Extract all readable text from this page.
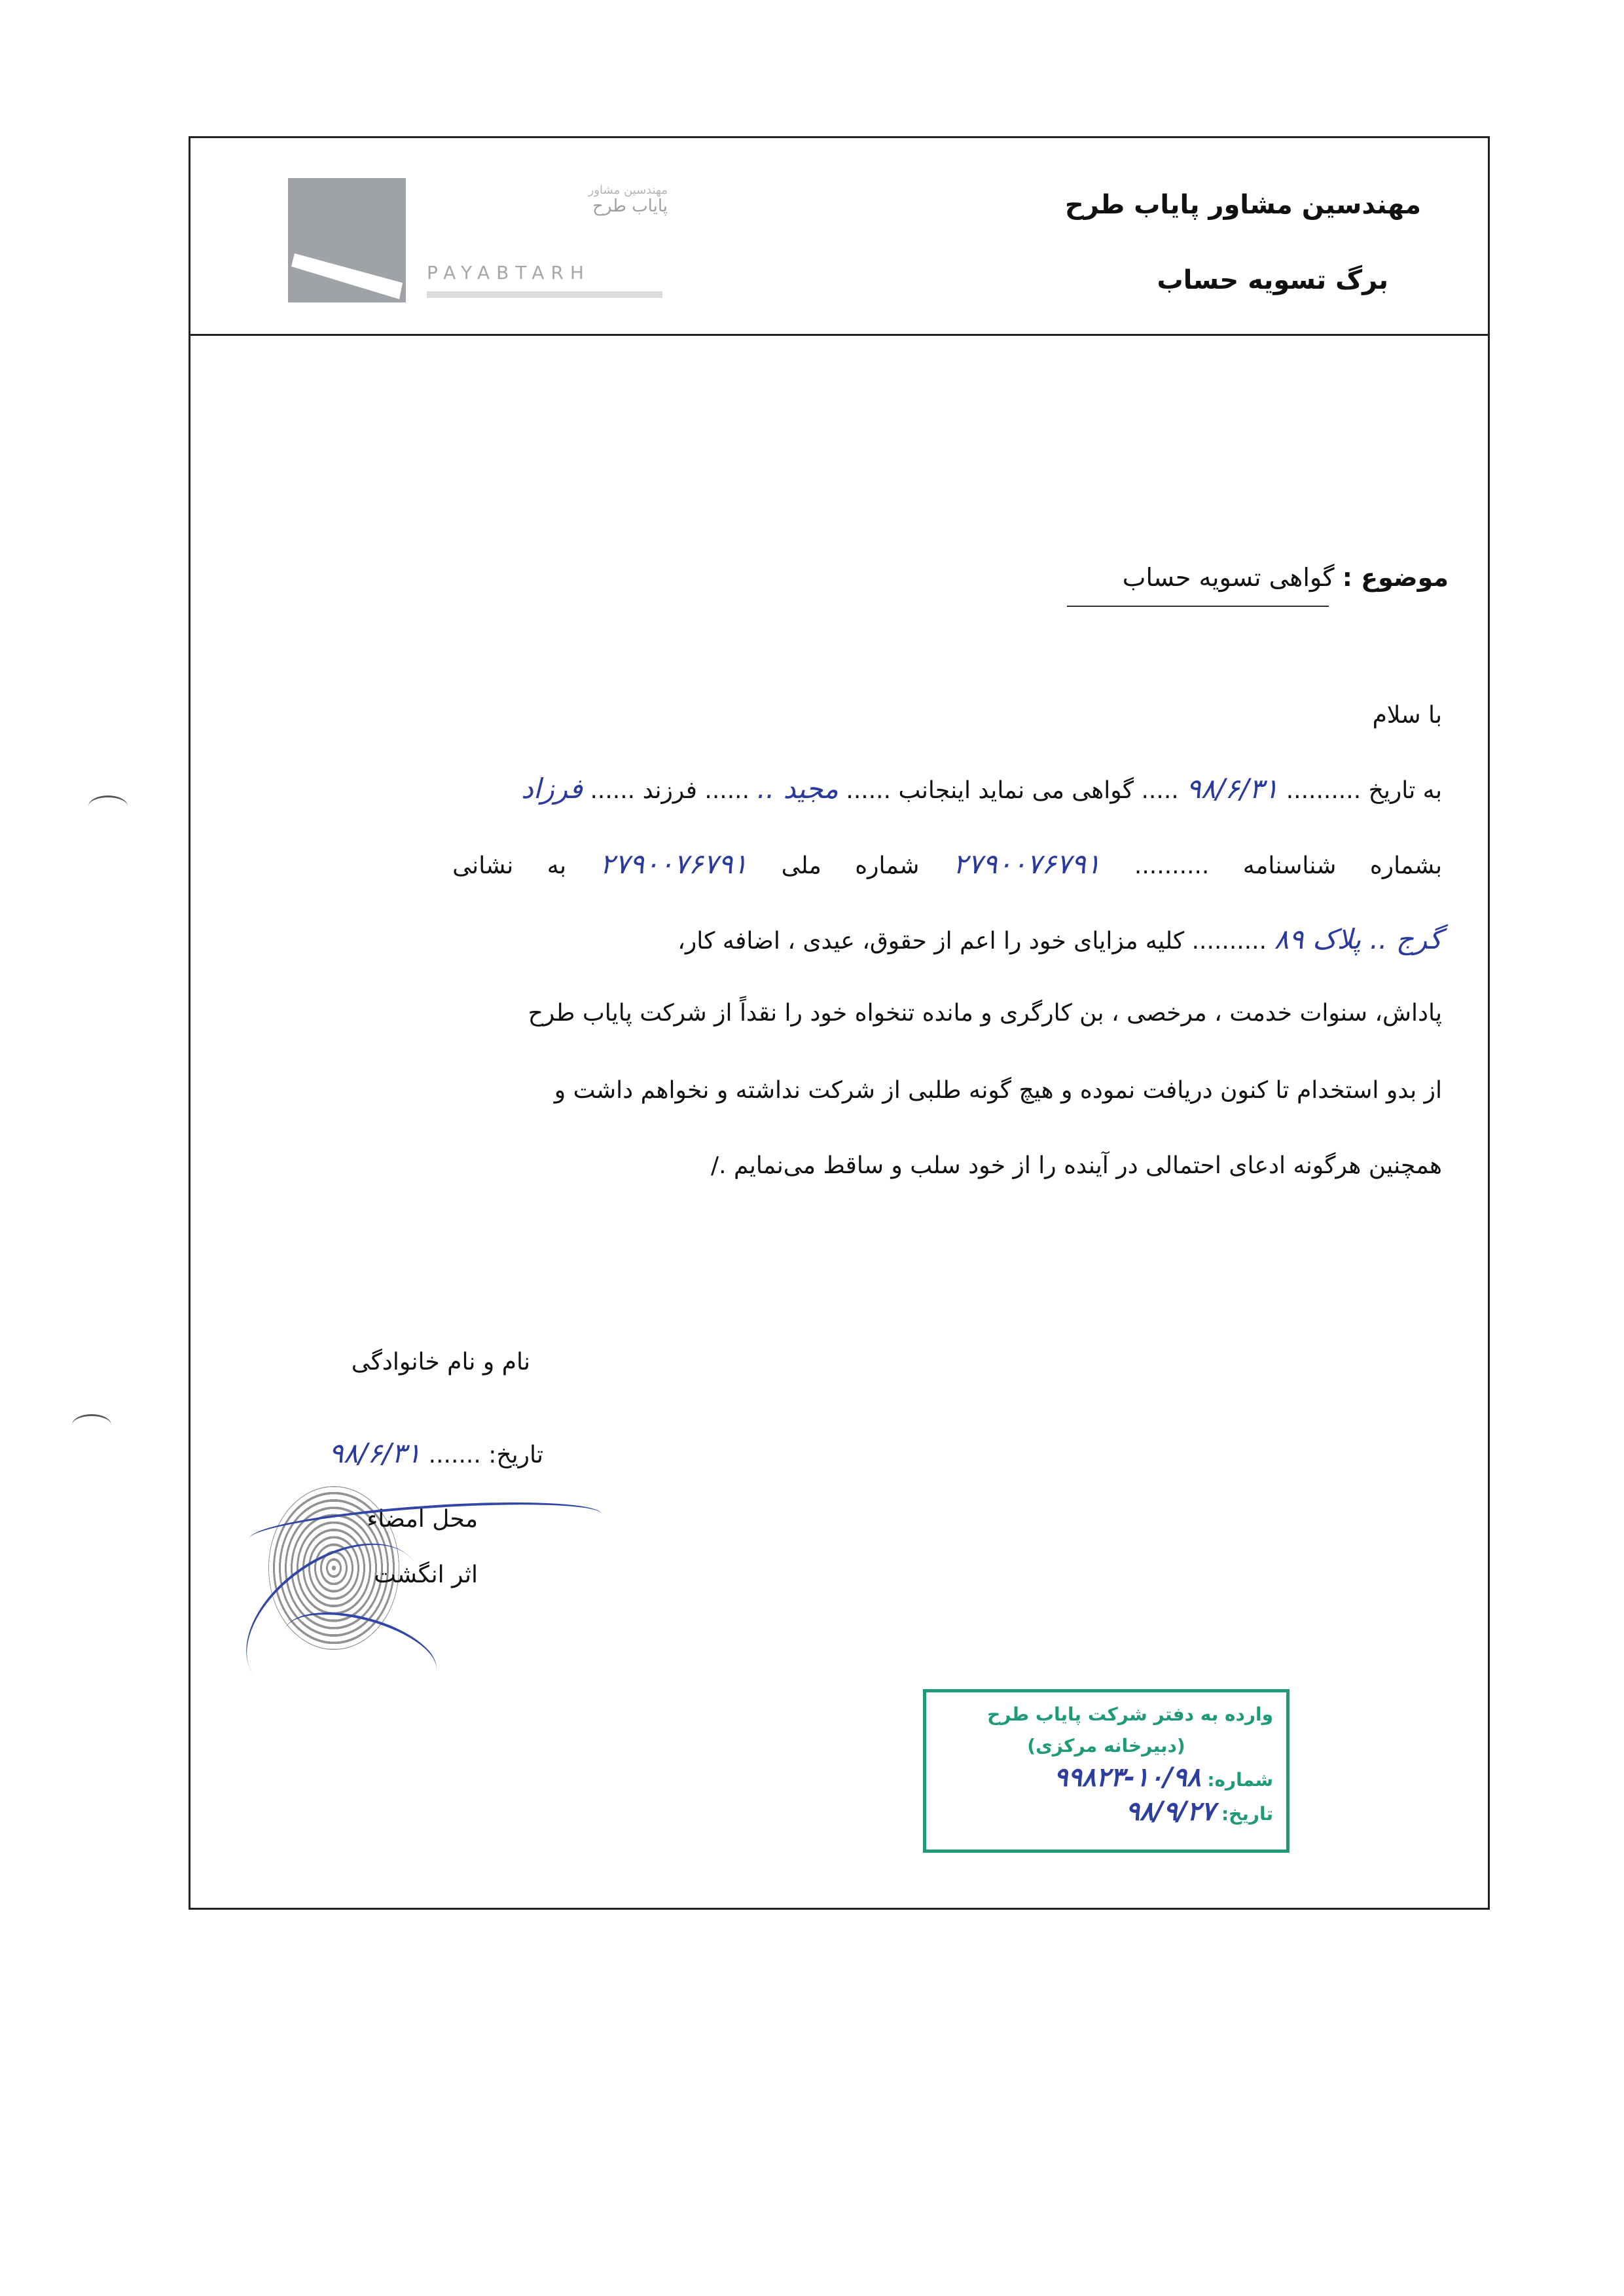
مهندسین مشاور
پایاب طرح
PAYABTARH
مهندسین مشاور پایاب طرح
برگ تسویه حساب
موضوع : گواهی تسویه حساب
با سلام
به تاریخ .......... ۹۸/۶/۳۱ ..... گواهی می نماید اینجانب ...... مجید .. ...... فرزند ...... فرزاد
بشماره شناسنامه .......... ۲۷۹۰۰۷۶۷۹۱ شماره ملی ۲۷۹۰۰۷۶۷۹۱ به نشانی
گرج .. پلاک ۸۹ .......... کلیه مزایای خود را اعم از حقوق، عیدی ، اضافه کار،
پاداش، سنوات خدمت ، مرخصی ، بن کارگری و مانده تنخواه خود را نقداً از شرکت پایاب طرح
از بدو استخدام تا کنون دریافت نموده و هیچ گونه طلبی از شرکت نداشته و نخواهم داشت و
همچنین هرگونه ادعای احتمالی در آینده را از خود سلب و ساقط می‌نمایم ./
نام و نام خانوادگی
تاریخ: ....... ۹۸/۶/۳۱
محل امضاء
اثر انگشت
وارده به دفتر شرکت پایاب طرح
(دبیرخانه مرکزی)
شماره: ۱۰/۹۸-۹۹۸۲۳
تاریخ: ۹۸/۹/۲۷
